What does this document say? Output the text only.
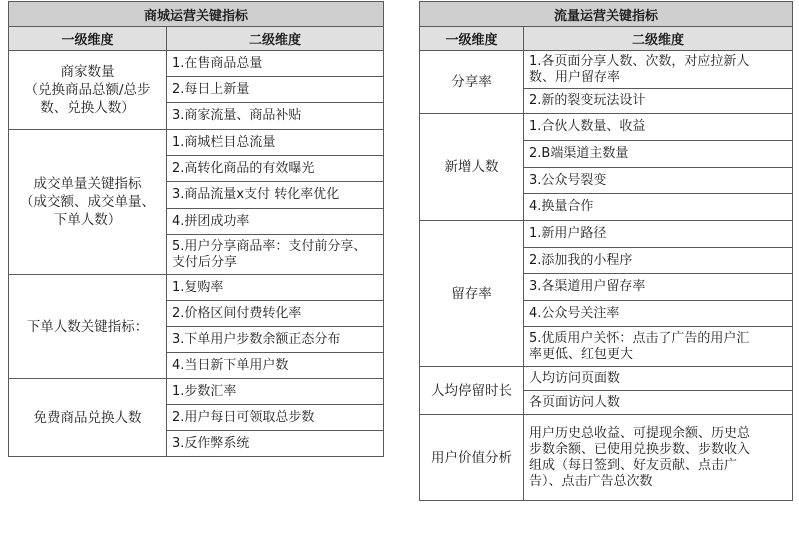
商城运营关键指标	
一级维度	二级维度
商家数量
（兑换商品总额/总步
数、兑换人数）	1.在售商品总量
	2.每日上新量
	3.商家流量、商品补贴
成交单量关键指标
（成交额、成交单量、
下单人数）	1.商城栏目总流量
	2.高转化商品的有效曝光
	3.商品流量x支付 转化率优化
	4.拼团成功率
	5.用户分享商品率：支付前分享、
支付后分享
下单人数关键指标：	1.复购率
	2.价格区间付费转化率
	3.下单用户步数余额正态分布
	4.当日新下单用户数
免费商品兑换人数	1.步数汇率
	2.用户每日可领取总步数
	3.反作弊系统
流量运营关键指标	
一级维度	二级维度
分享率	1.各页面分享人数、次数，对应拉新人
数、用户留存率
	2.新的裂变玩法设计
新增人数	1.合伙人数量、收益
	2.B端渠道主数量
	3.公众号裂变
	4.换量合作
留存率	1.新用户路径
	2.添加我的小程序
	3.各渠道用户留存率
	4.公众号关注率
	5.优质用户关怀：点击了广告的用户汇
率更低、红包更大
人均停留时长	人均访问页面数
	各页面访问人数
用户价值分析	用户历史总收益、可提现余额、历史总
步数余额、已使用兑换步数、步数收入
组成（每日签到、好友贡献、点击广
告）、点击广告总次数
